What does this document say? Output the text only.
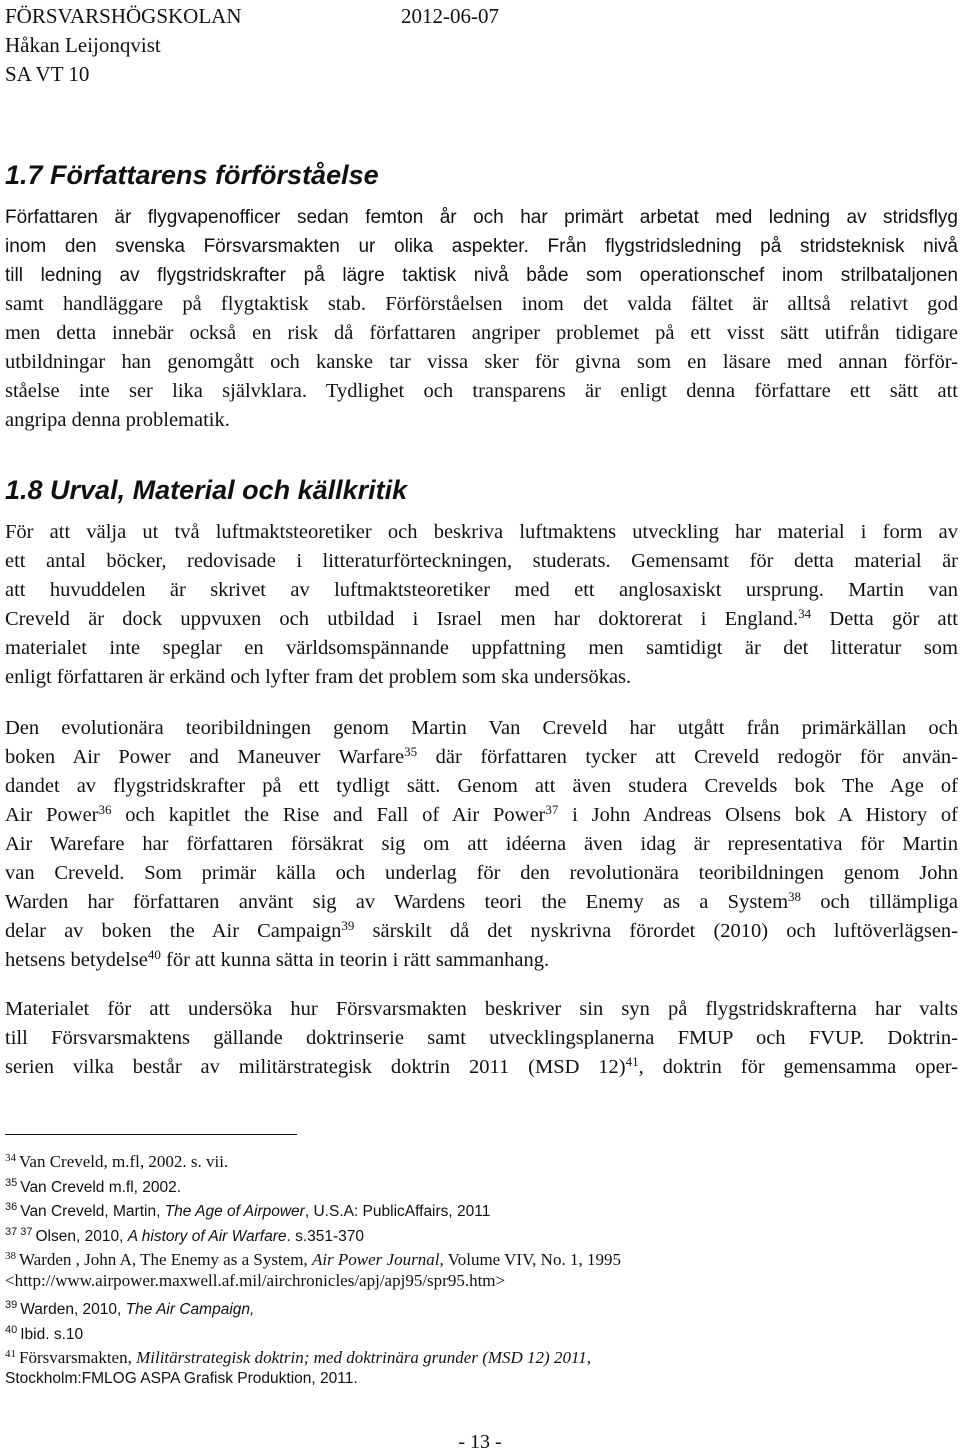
FÖRSVARSHÖGSKOLAN	2012-06-07
Håkan Leijonqvist
SA VT 10
1.7 Författarens förförståelse
Författaren är flygvapenofficer sedan femton år och har primärt arbetat med ledning av stridsflyg
inom den svenska Försvarsmakten ur olika aspekter. Från flygstridsledning på stridsteknisk nivå
till ledning av flygstridskrafter på lägre taktisk nivå både som operationschef inom strilbataljonen
samt handläggare på flygtaktisk stab. Förförståelsen inom det valda fältet är alltså relativt god
men detta innebär också en risk då författaren angriper problemet på ett visst sätt utifrån tidigare
utbildningar han genomgått och kanske tar vissa sker för givna som en läsare med annan förför-
ståelse inte ser lika självklara. Tydlighet och transparens är enligt denna författare ett sätt att
angripa denna problematik.
1.8 Urval, Material och källkritik
För att välja ut två luftmaktsteoretiker och beskriva luftmaktens utveckling har material i form av
ett antal böcker, redovisade i litteraturförteckningen, studerats. Gemensamt för detta material är
att huvuddelen är skrivet av luftmaktsteoretiker med ett anglosaxiskt ursprung. Martin van
Creveld är dock uppvuxen och utbildad i Israel men har doktorerat i England.$^{34}$ Detta gör att
materialet inte speglar en världsomspännande uppfattning men samtidigt är det litteratur som
enligt författaren är erkänd och lyfter fram det problem som ska undersökas.
Den evolutionära teoribildningen genom Martin Van Creveld har utgått från primärkällan och
boken Air Power and Maneuver Warfare$^{35}$ där författaren tycker att Creveld redogör för använ-
dandet av flygstridskrafter på ett tydligt sätt. Genom att även studera Crevelds bok The Age of
Air Power$^{36}$ och kapitlet the Rise and Fall of Air Power$^{37}$ i John Andreas Olsens bok A History of
Air Warefare har författaren försäkrat sig om att idéerna även idag är representativa för Martin
van Creveld. Som primär källa och underlag för den revolutionära teoribildningen genom John
Warden har författaren använt sig av Wardens teori the Enemy as a System$^{38}$ och tillämpliga
delar av boken the Air Campaign$^{39}$ särskilt då det nyskrivna förordet (2010) och luftöverlägsen-
hetsens betydelse$^{40}$ för att kunna sätta in teorin i rätt sammanhang.
Materialet för att undersöka hur Försvarsmakten beskriver sin syn på flygstridskrafterna har valts
till Försvarsmaktens gällande doktrinserie samt utvecklingsplanerna FMUP och FVUP. Doktrin-
serien vilka består av militärstrategisk doktrin 2011 (MSD 12)$^{41}$, doktrin för gemensamma oper-
$^{34}$ Van Creveld, m.fl, 2002. s. vii.
$^{35}$ Van Creveld m.fl, 2002.
$^{36}$ Van Creveld, Martin, The Age of Airpower, U.S.A: PublicAffairs, 2011
$^{37}$ $^{37}$ Olsen, 2010, A history of Air Warfare. s.351-370
$^{38}$ Warden , John A, The Enemy as a System, Air Power Journal, Volume VIV, No. 1, 1995
<http://www.airpower.maxwell.af.mil/airchronicles/apj/apj95/spr95.htm>
$^{39}$ Warden, 2010, The Air Campaign,
$^{40}$ Ibid. s.10
$^{41}$ Försvarsmakten, Militärstrategisk doktrin; med doktrinära grunder (MSD 12) 2011,
Stockholm:FMLOG ASPA Grafisk Produktion, 2011.
- 13 -
